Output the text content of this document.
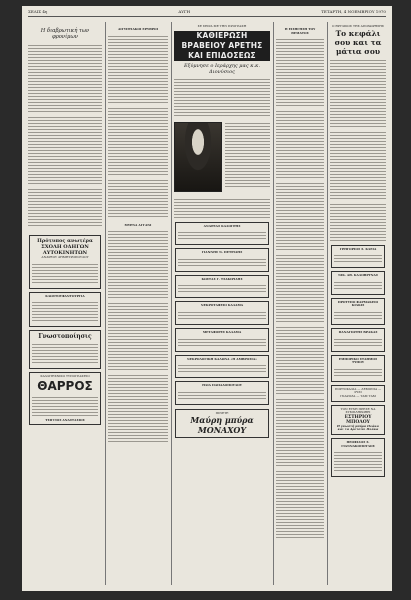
ΣΕΛΙΣ 4η	ΑΥΓΗ	ΤΕΤΑΡΤΗ, 4 ΝΟΕΜΒΡΙΟΥ 1970
Η διαβρωτική των φρονίμων
Πρότυπος ανωτέρα ΣΧΟΛΗ ΟΔΗΓΩΝ ΑΥΤΟΚΙΝΗΤΩΝ
ΑΝΔΡΕΟΥ ΔΗΜΗΤΡΟΠΟΥΛΟΥ
ΚΛΩΣΤΟΥΦΑΝΤΟΥΡΓΙΑ
Γνωστοποίησις
ΚΑΛΛΙΤΕΧΝΙΚΟ ΤΥΠΟΓΡΑΦΕΙΟ
ΘΑΡΡΟΣ
ΤΣΙΓΓΙΟΣ ΑΝΑΣΤΑΣΙΟΣ
ΑΙΓΥΠΤΙΑΚΟΙ ΕΡΥΘΡΟΙ
ΜΥΡΝΑ ΑΓΓΑΝΙ
ΣΕ ΣΕΙΡΑ ΜΕ ΤΗΝ ΠΡΟΓΡΑΦΗ
ΚΑΘΙΕΡΩΣΗ ΒΡΑΒΕΙΟΥ ΑΡΕΤΗΣ ΚΑΙ ΕΠΙΔΟΣΕΩΣ
Εξύμνησε ο Ιεράρχης μας κ.κ. Διονύσιος
ΑΝΔΡΕΑΣ ΚΑΛΟΓΡΗΣ
ΓΙΑΝΝΗΣ Ν. ΠΕΤΡΙΔΗΣ
ΚΩΣΤΑΣ Γ. ΤΣΑΚΙΡΙΔΗΣ
ΝΕΚΡΟΤΑΦΕΙΟ ΚΑΛΑΜΑ
ΜΕΤΑΦΟΡΕΣ ΚΑΛΑΜΑ
ΝΕΚΡΟΛΟΓΙΚΗ ΚΑΛΩΝΑ «Η ΑΜΒΡΟΣΙΑ»
ΗΛΙΑ ΠΑΠΑΔΟΠΟΥΛΟΥ
ΠΙΝΕΤΕ
Μαύρη μπύρα ΜΟΝΑΧΟΥ
Η ΕΙΣΗΓΗΣΗ ΤΟΥ ΘΕΜΑΤΟΣ
Ο ΘΡΥΛΙΚΟΣ ΤΗΣ ΑΠΟΧΩΡΗΣΗΣ
Το κεφάλι σου και τα μάτια σου
ΓΡΗΓΟΡΙΟΣ Σ. ΚΛΕΙΑ
ΝΙΚ. ΑΘ. ΚΑΛΟΒΡΥΝΑΣ
ΠΡΟΤΥΠΟ ΦΑΡΜΑΚΕΙΟ ΚΙΛΚΙΣ
ΠΑΝΑΓΙΩΤΗΣ ΒΡΑΚΑΣ
ΕΜΠΟΡΙΚΟ ΣΤΑΘΜΟΣ ΤΥΠΟΥ
ΠΟΡΤΟΚΑΛΙΑ — ΛΕΜΟΝΙΑ — ΡΥΖΙ
ΓΚΑΖΟΖΑ — ΤΑΜ ΤΑΜ
ΤΟΝ ΕΥΧΗ ΠΡΕΣΕ ΝΑ ΣΥΜΠΛΗΡΩΘΕΙ
ΕΣΤΗΡΙΟΥ ΜΠΟΛΟΥ
Η γνωστή μπύρα Πλάκα και τα Αρετσίνι Πλάκα
ΘΕΟΦΙΛΟΣ Σ. ΓΙΑΝΝΑΚΟΠΟΥΛΟΣ
